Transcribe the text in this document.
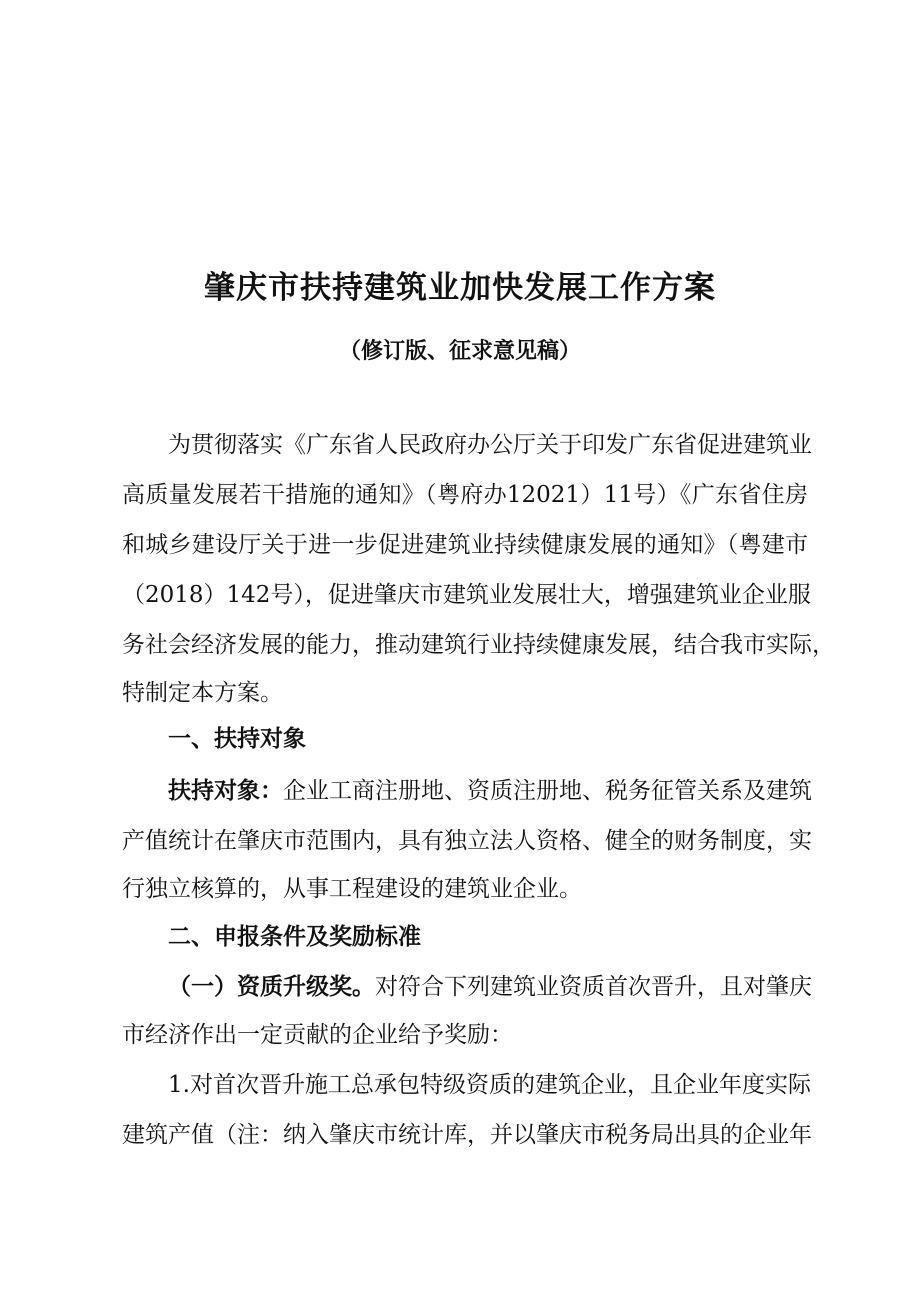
肇庆市扶持建筑业加快发展工作方案
（修订版、征求意见稿）
为贯彻落实《广东省人民政府办公厅关于印发广东省促进建筑业
高质量发展若干措施的通知》（粤府办12021）11号）《广东省住房
和城乡建设厅关于进一步促进建筑业持续健康发展的通知》（粤建市
（2018）142号），促进肇庆市建筑业发展壮大，增强建筑业企业服
务社会经济发展的能力，推动建筑行业持续健康发展，结合我市实际，
特制定本方案。
一、扶持对象
扶持对象：企业工商注册地、资质注册地、税务征管关系及建筑
产值统计在肇庆市范围内，具有独立法人资格、健全的财务制度，实
行独立核算的，从事工程建设的建筑业企业。
二、申报条件及奖励标准
（一）资质升级奖。对符合下列建筑业资质首次晋升，且对肇庆
市经济作出一定贡献的企业给予奖励：
1.对首次晋升施工总承包特级资质的建筑企业，且企业年度实际
建筑产值（注：纳入肇庆市统计库，并以肇庆市税务局出具的企业年
